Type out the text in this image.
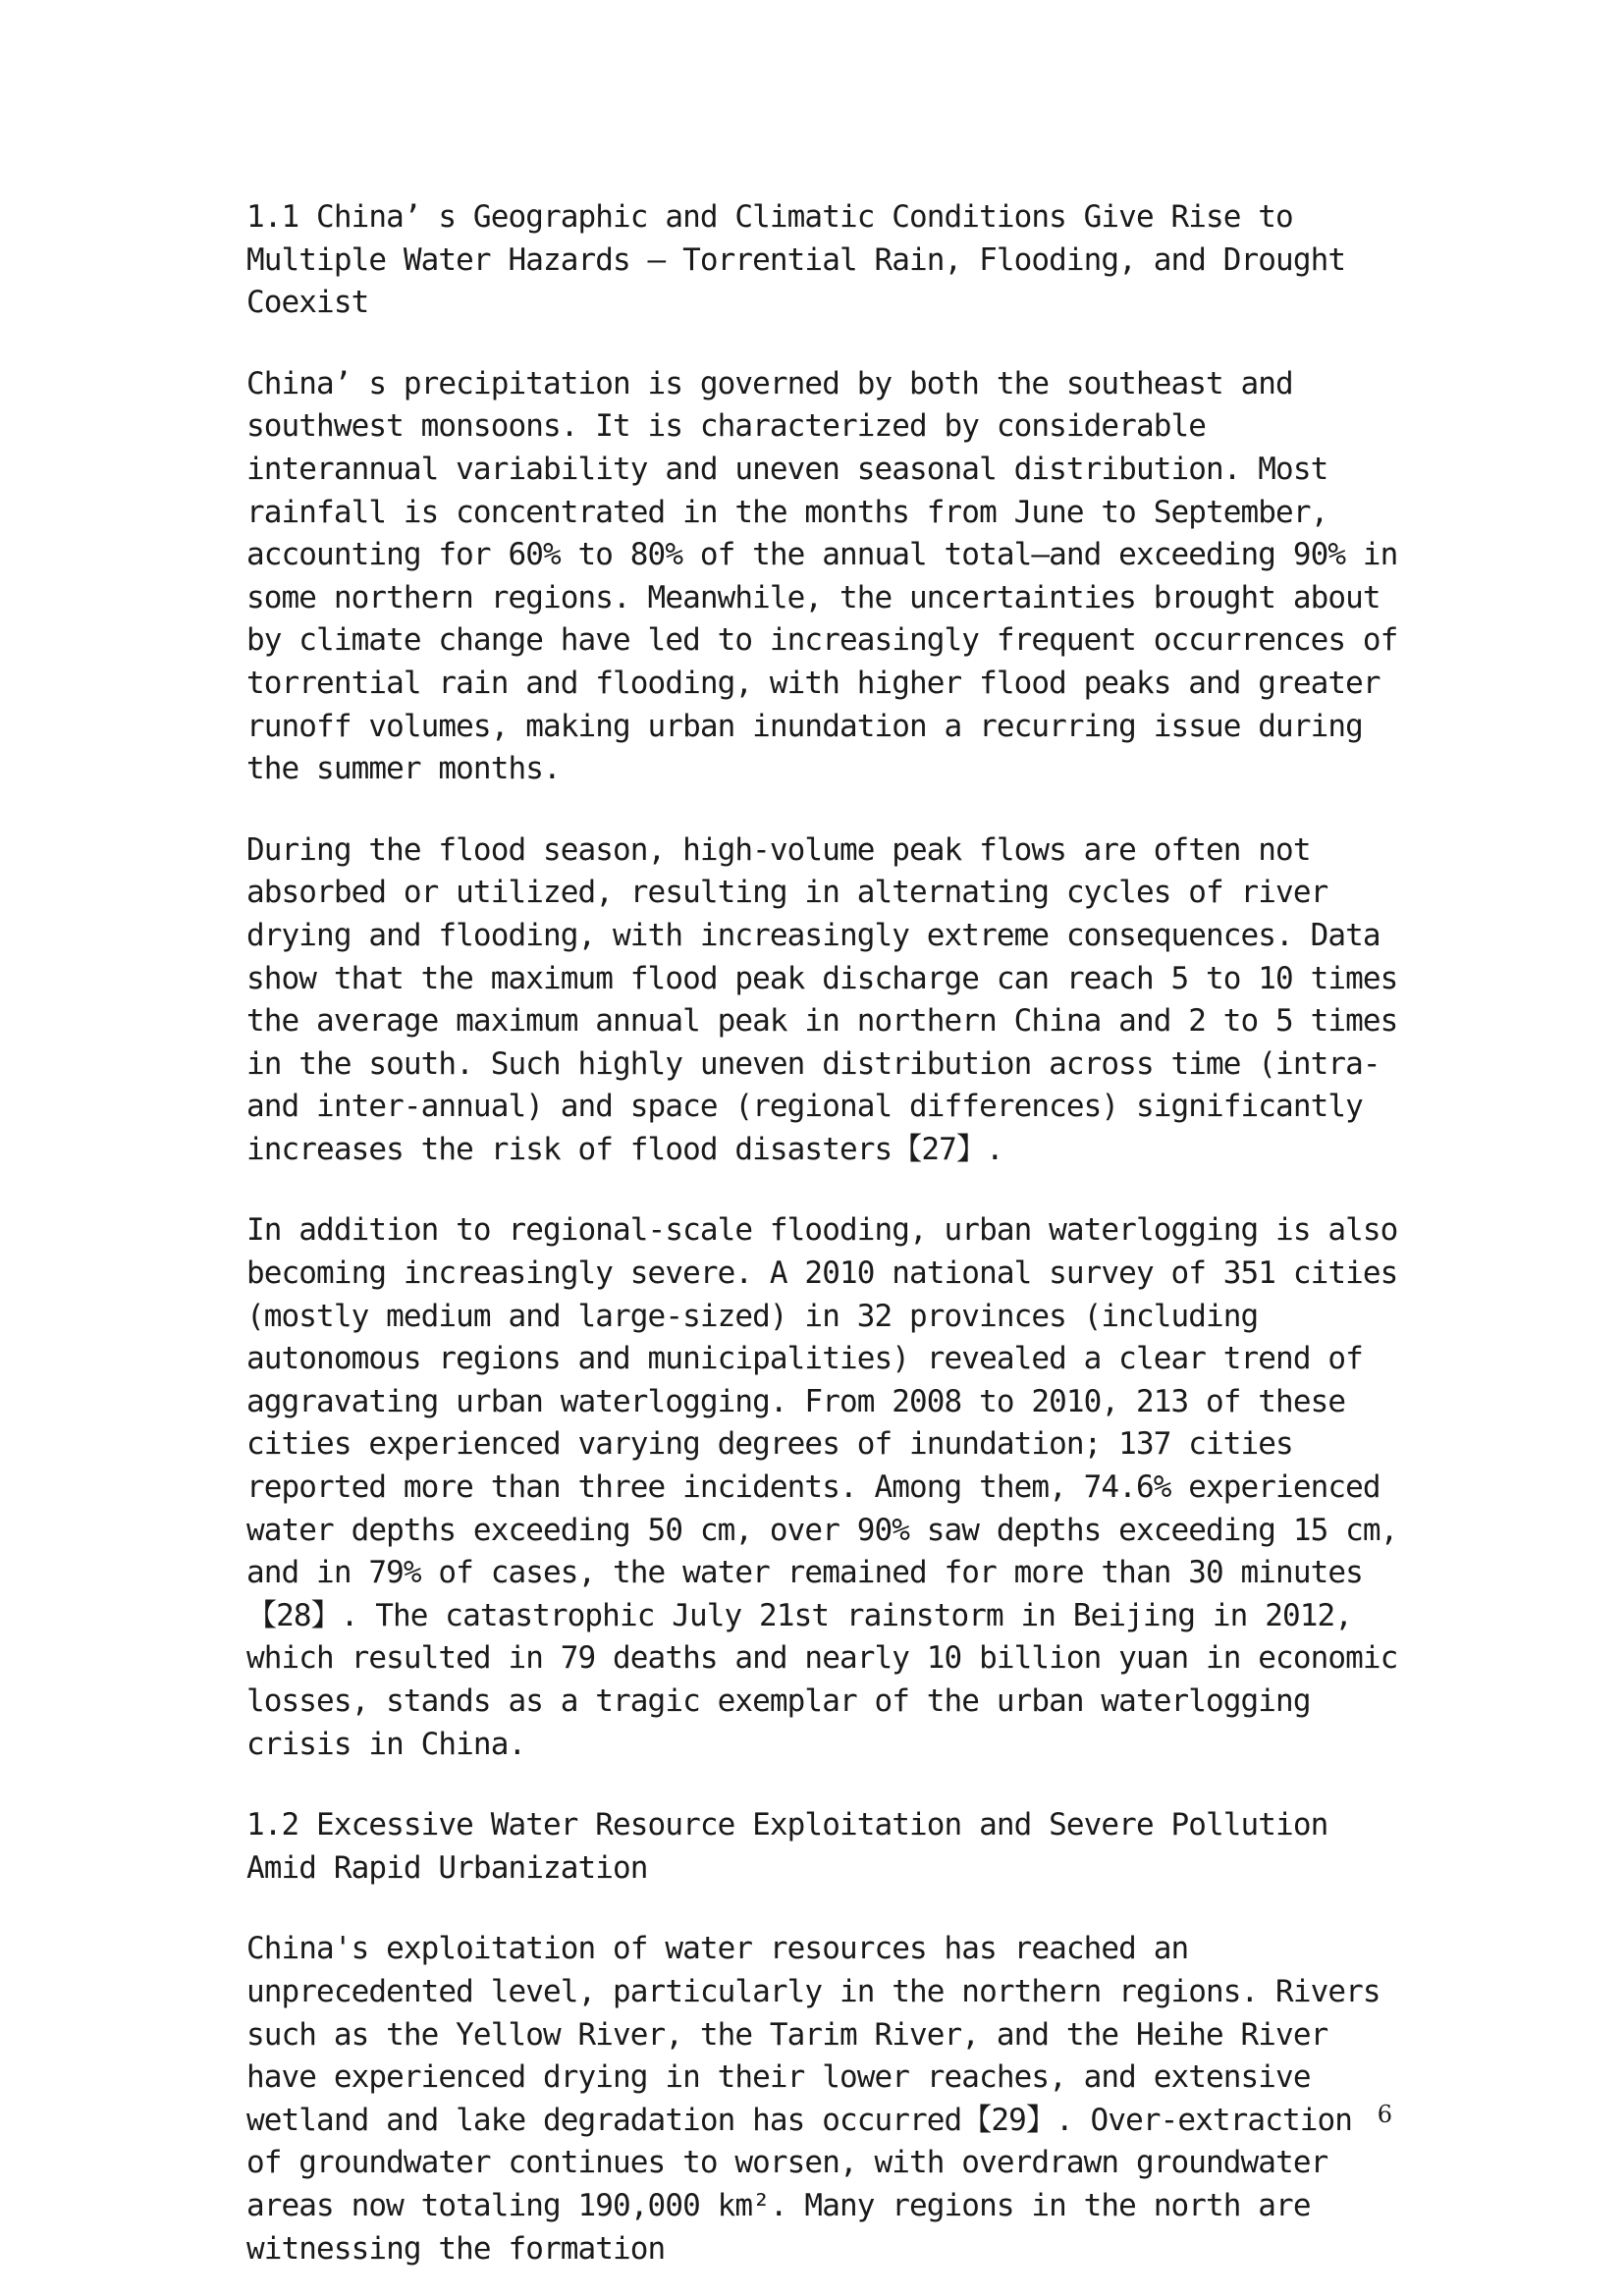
1.1 China’ s Geographic and Climatic Conditions Give Rise to Multiple Water Hazards — Torrential Rain, Flooding, and Drought Coexist
China’ s precipitation is governed by both the southeast and southwest monsoons. It is characterized by considerable interannual variability and uneven seasonal distribution. Most rainfall is concentrated in the months from June to September, accounting for 60% to 80% of the annual total—and exceeding 90% in some northern regions. Meanwhile, the uncertainties brought about by climate change have led to increasingly frequent occurrences of torrential rain and flooding, with higher flood peaks and greater runoff volumes, making urban inundation a recurring issue during the summer months.
During the flood season, high-volume peak flows are often not absorbed or utilized, resulting in alternating cycles of river drying and flooding, with increasingly extreme consequences. Data show that the maximum flood peak discharge can reach 5 to 10 times the average maximum annual peak in northern China and 2 to 5 times in the south. Such highly uneven distribution across time (intra- and inter-annual) and space (regional differences) significantly increases the risk of flood disasters【27】.
In addition to regional-scale flooding, urban waterlogging is also becoming increasingly severe. A 2010 national survey of 351 cities (mostly medium and large-sized) in 32 provinces (including autonomous regions and municipalities) revealed a clear trend of aggravating urban waterlogging. From 2008 to 2010, 213 of these cities experienced varying degrees of inundation; 137 cities reported more than three incidents. Among them, 74.6% experienced water depths exceeding 50 cm, over 90% saw depths exceeding 15 cm, and in 79% of cases, the water remained for more than 30 minutes【28】. The catastrophic July 21st rainstorm in Beijing in 2012, which resulted in 79 deaths and nearly 10 billion yuan in economic losses, stands as a tragic exemplar of the urban waterlogging crisis in China.
1.2 Excessive Water Resource Exploitation and Severe Pollution Amid Rapid Urbanization
China's exploitation of water resources has reached an unprecedented level, particularly in the northern regions. Rivers such as the Yellow River, the Tarim River, and the Heihe River have experienced drying in their lower reaches, and extensive wetland and lake degradation has occurred【29】. Over-extraction of groundwater continues to worsen, with overdrawn groundwater areas now totaling 190,000 km². Many regions in the north are witnessing the formation
6
